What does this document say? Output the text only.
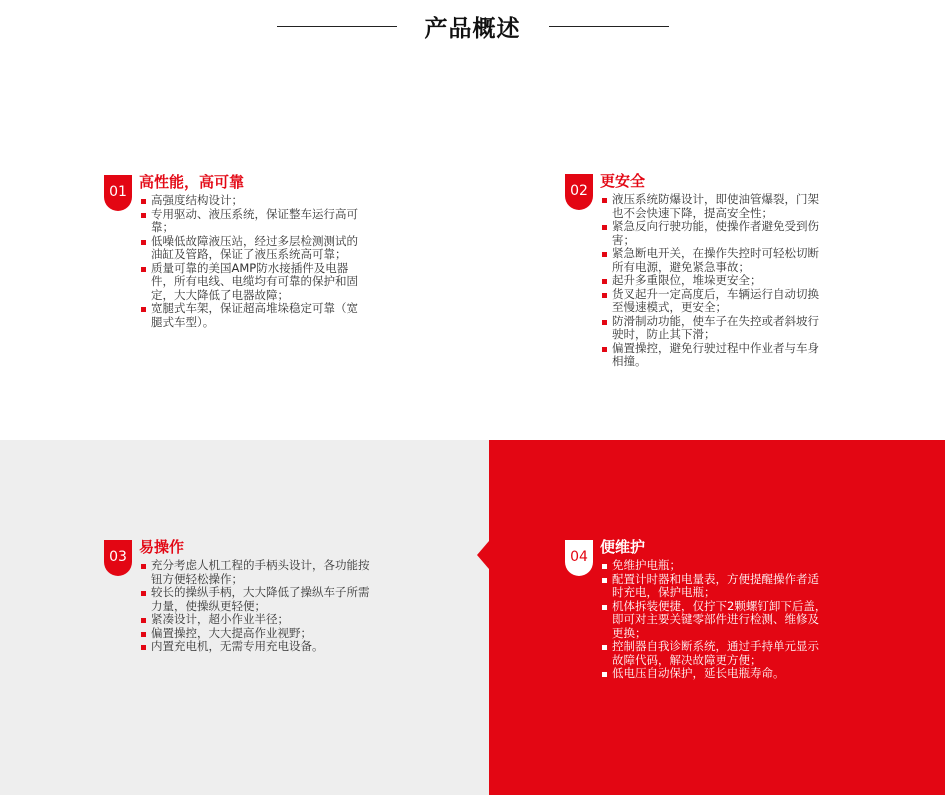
产品概述
01
高性能，高可靠
高强度结构设计；
专用驱动、液压系统，保证整车运行高可靠；
低噪低故障液压站，经过多层检测测试的油缸及管路，保证了液压系统高可靠；
质量可靠的美国AMP防水接插件及电器件，所有电线、电缆均有可靠的保护和固定，大大降低了电器故障；
宽腿式车架，保证超高堆垛稳定可靠（宽腿式车型）。
02
更安全
液压系统防爆设计，即使油管爆裂，门架也不会快速下降，提高安全性；
紧急反向行驶功能，使操作者避免受到伤害；
紧急断电开关，在操作失控时可轻松切断所有电源，避免紧急事故；
起升多重限位，堆垛更安全；
货叉起升一定高度后，车辆运行自动切换至慢速模式，更安全；
防滑制动功能，使车子在失控或者斜坡行驶时，防止其下滑；
偏置操控，避免行驶过程中作业者与车身相撞。
03
易操作
充分考虑人机工程的手柄头设计，各功能按钮方便轻松操作；
较长的操纵手柄，大大降低了操纵车子所需力量，使操纵更轻便；
紧凑设计，超小作业半径；
偏置操控，大大提高作业视野；
内置充电机，无需专用充电设备。
04
便维护
免维护电瓶；
配置计时器和电量表，方便提醒操作者适时充电，保护电瓶；
机体拆装便捷，仅拧下2颗螺钉卸下后盖，即可对主要关键零部件进行检测、维修及更换；
控制器自我诊断系统，通过手持单元显示故障代码，解决故障更方便；
低电压自动保护，延长电瓶寿命。
